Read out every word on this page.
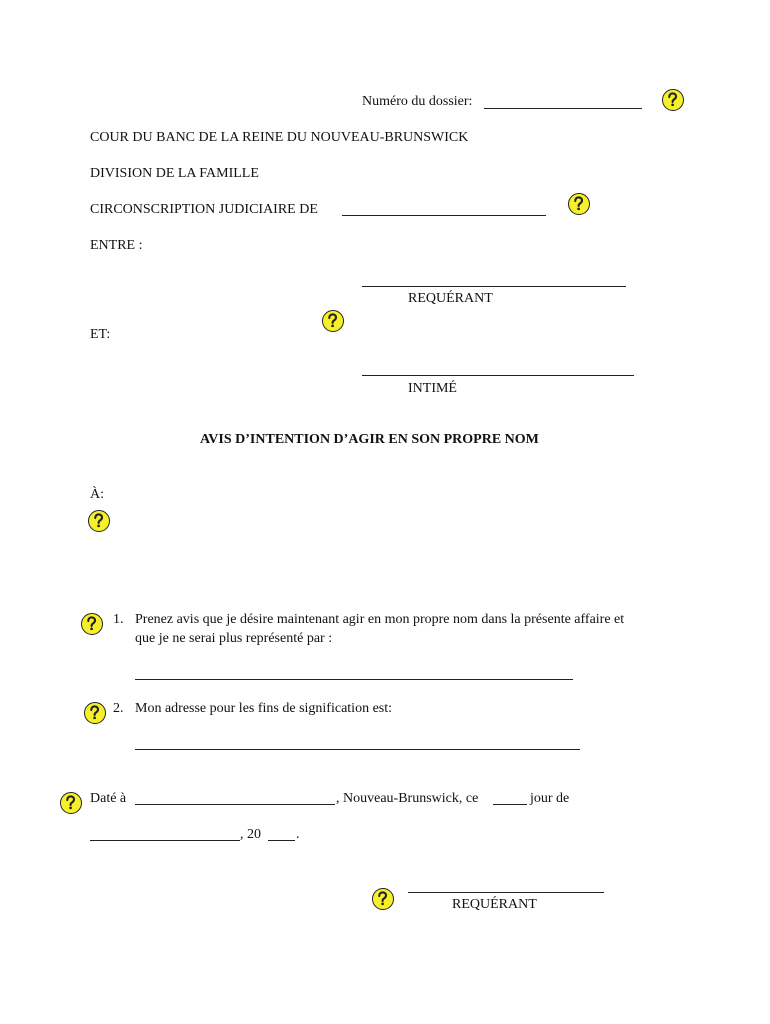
Numéro du dossier:
COUR DU BANC DE LA REINE DU NOUVEAU-BRUNSWICK
DIVISION DE LA FAMILLE
CIRCONSCRIPTION JUDICIAIRE DE
ENTRE :
REQUÉRANT
ET:
INTIMÉ
AVIS D’INTENTION D’AGIR EN SON PROPRE NOM
À:
1. Prenez avis que je désire maintenant agir en mon propre nom dans la présente affaire et
que je ne serai plus représenté par :
2. Mon adresse pour les fins de signification est:
Daté à	, Nouveau-Brunswick, ce	jour de
, 20	.
REQUÉRANT
